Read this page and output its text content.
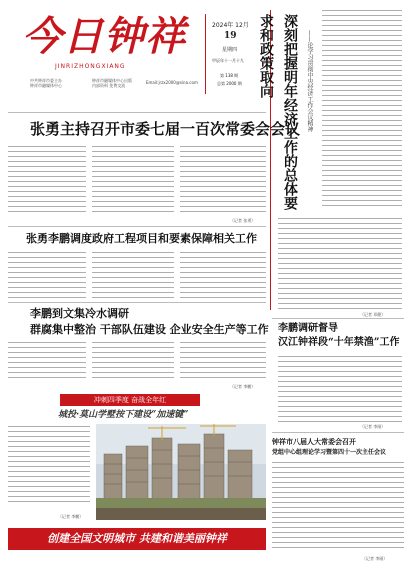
今日钟祥
JINRIZHONGXIANG
中共钟祥市委主办
钟祥市融媒体中心
钟祥市融媒体中心出版
内部资料 免费交流
Email:jrzx2000@sina.com
2024年 12月
19
星期四
甲辰年十一月十九
第 138 期
总第 2000 期	深刻把握明年经济工作的总体要求和政策取向	——论学习贯彻中央经济工作会议精神
（记者 邓健）
张勇主持召开市委七届一百次常委会会议
（记者 张勇）
张勇李鹏调度政府工程项目和要素保障相关工作
李鹏到文集冷水调研
群腐集中整治 干部队伍建设 企业安全生产等工作
（记者 李鹏）
李鹏调研督导
汉江钟祥段“十年禁渔”工作
（记者 李刚）
冲刺四季度 奋战全年红
城投·莫山学墅按下建设“加速键”
（记者 李鹏）
钟祥市八届人大常委会召开
党组中心组理论学习暨第四十一次主任会议
（记者 李刚）
创建全国文明城市 共建和谐美丽钟祥
